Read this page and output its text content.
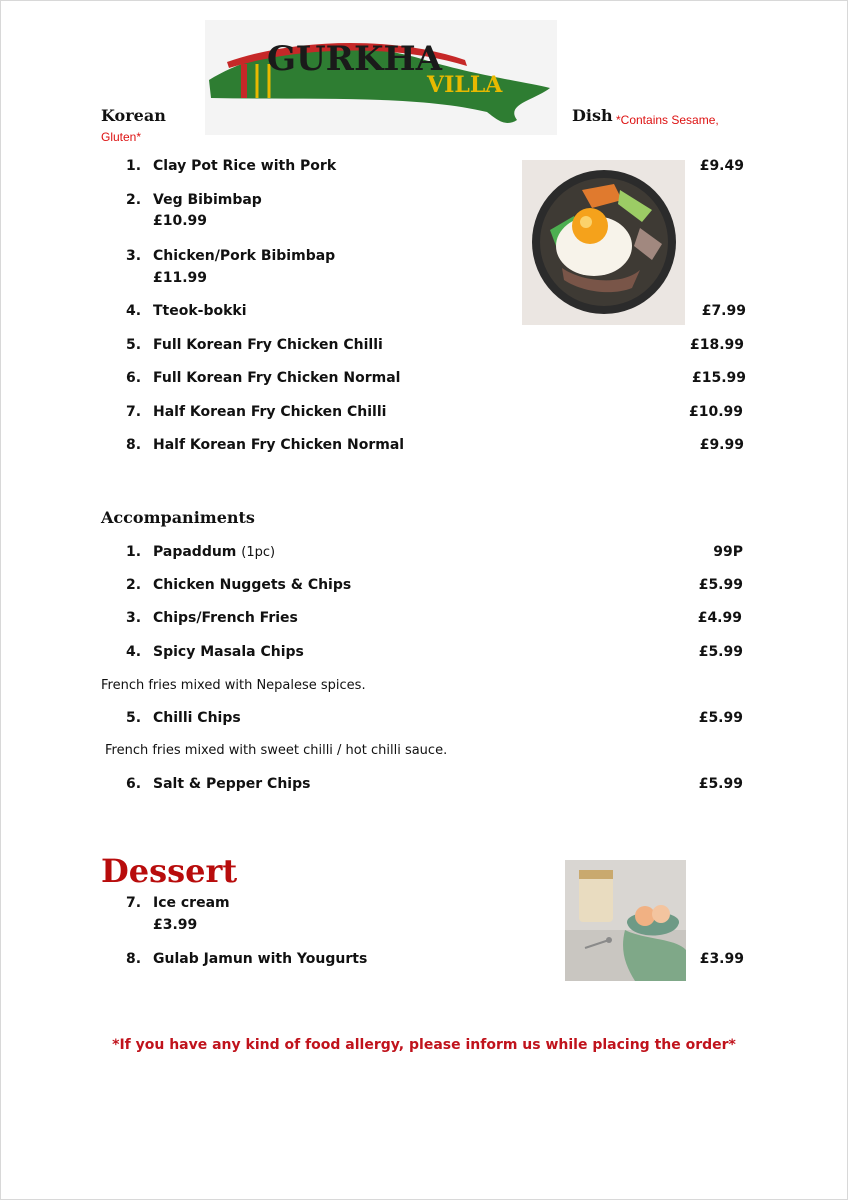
GURKHA
VILLA
Korean
Gluten*
Dish *Contains Sesame,
1. Clay Pot Rice with Pork	£9.49
2. Veg Bibimbap
£10.99
3. Chicken/Pork Bibimbap
£11.99
4. Tteok-bokki	£7.99
5. Full Korean Fry Chicken Chilli	£18.99
6. Full Korean Fry Chicken Normal	£15.99
7. Half Korean Fry Chicken Chilli	£10.99
8. Half Korean Fry Chicken Normal	£9.99
Accompaniments
1. Papaddum (1pc)	99P
2. Chicken Nuggets & Chips	£5.99
3. Chips/French Fries	£4.99
4. Spicy Masala Chips	£5.99
French fries mixed with Nepalese spices.
5. Chilli Chips	£5.99
French fries mixed with sweet chilli / hot chilli sauce.
6. Salt & Pepper Chips	£5.99
Dessert
7. Ice cream
£3.99
8. Gulab Jamun with Yougurts	£3.99
*If you have any kind of food allergy, please inform us while placing the order*
